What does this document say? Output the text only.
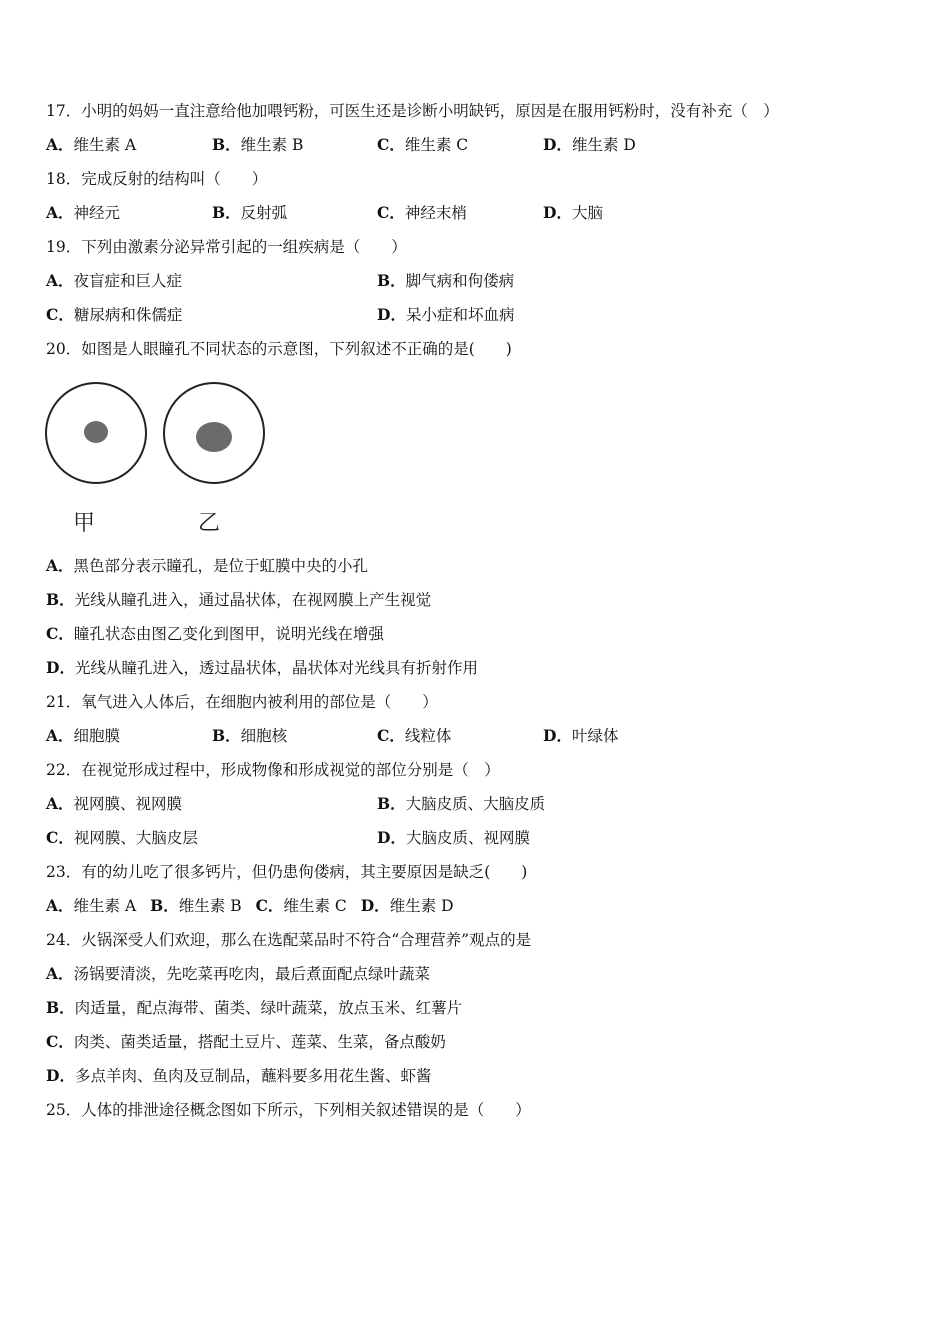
17．小明的妈妈一直注意给他加喂钙粉，可医生还是诊断小明缺钙，原因是在服用钙粉时，没有补充（　）
A．维生素 A	B．维生素 B	C．维生素 C	D．维生素 D
18．完成反射的结构叫（　　）
A．神经元	B．反射弧	C．神经末梢	D．大脑
19．下列由激素分泌异常引起的一组疾病是（　　）
A．夜盲症和巨人症	B．脚气病和佝偻病
C．糖尿病和侏儒症	D．呆小症和坏血病
20．如图是人眼瞳孔不同状态的示意图，下列叙述不正确的是(　　)
甲	乙
A．黑色部分表示瞳孔，是位于虹膜中央的小孔
B．光线从瞳孔进入，通过晶状体，在视网膜上产生视觉
C．瞳孔状态由图乙变化到图甲，说明光线在增强
D．光线从瞳孔进入，透过晶状体，晶状体对光线具有折射作用
21．氧气进入人体后，在细胞内被利用的部位是（　　）
A．细胞膜	B．细胞核	C．线粒体	D．叶绿体
22．在视觉形成过程中，形成物像和形成视觉的部位分别是（　）
A．视网膜、视网膜	B．大脑皮质、大脑皮质
C．视网膜、大脑皮层	D．大脑皮质、视网膜
23．有的幼儿吃了很多钙片，但仍患佝偻病，其主要原因是缺乏(　　)
A．维生素 A B．维生素 B C．维生素 C D．维生素 D
24．火锅深受人们欢迎，那么在选配菜品时不符合“合理营养”观点的是
A．汤锅要清淡，先吃菜再吃肉，最后煮面配点绿叶蔬菜
B．肉适量，配点海带、菌类、绿叶蔬菜，放点玉米、红薯片
C．肉类、菌类适量，搭配土豆片、莲菜、生菜，备点酸奶
D．多点羊肉、鱼肉及豆制品，蘸料要多用花生酱、虾酱
25．人体的排泄途径概念图如下所示，下列相关叙述错误的是（　　）
